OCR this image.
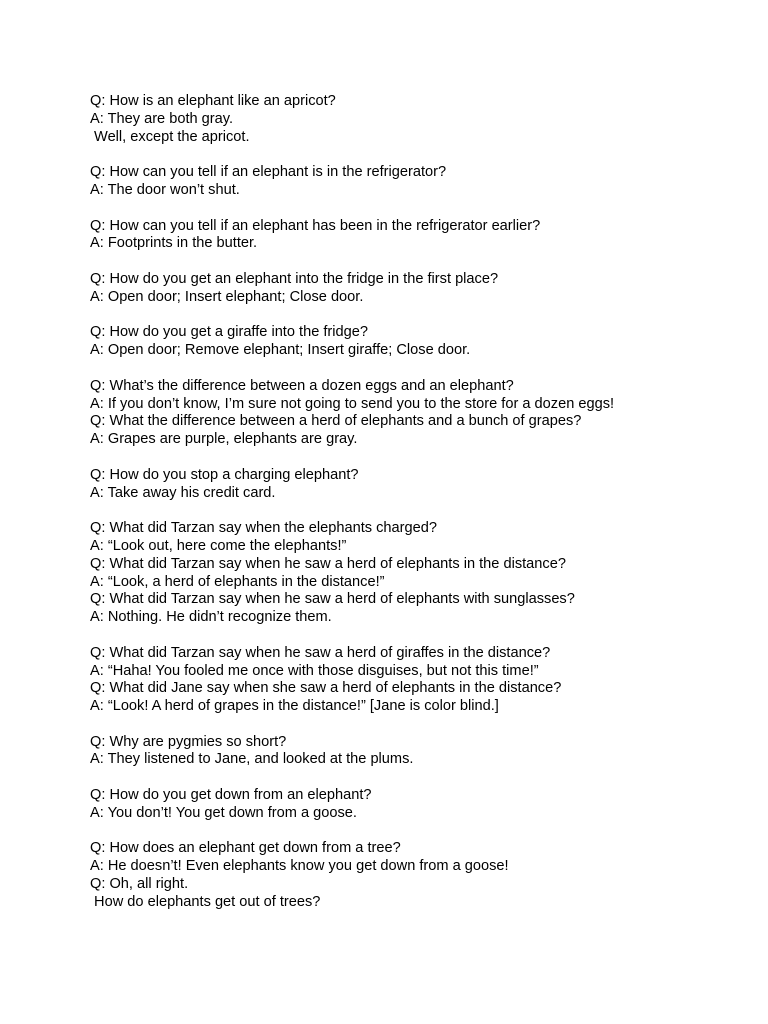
Q: How is an elephant like an apricot?
A: They are both gray.
Well, except the apricot.
Q: How can you tell if an elephant is in the refrigerator?
A: The door won’t shut.
Q: How can you tell if an elephant has been in the refrigerator earlier?
A: Footprints in the butter.
Q: How do you get an elephant into the fridge in the first place?
A: Open door; Insert elephant; Close door.
Q: How do you get a giraffe into the fridge?
A: Open door; Remove elephant; Insert giraffe; Close door.
Q: What’s the difference between a dozen eggs and an elephant?
A: If you don’t know, I’m sure not going to send you to the store for a dozen eggs!
Q: What the difference between a herd of elephants and a bunch of grapes?
A: Grapes are purple, elephants are gray.
Q: How do you stop a charging elephant?
A: Take away his credit card.
Q: What did Tarzan say when the elephants charged?
A: “Look out, here come the elephants!”
Q: What did Tarzan say when he saw a herd of elephants in the distance?
A: “Look, a herd of elephants in the distance!”
Q: What did Tarzan say when he saw a herd of elephants with sunglasses?
A: Nothing. He didn’t recognize them.
Q: What did Tarzan say when he saw a herd of giraffes in the distance?
A: “Haha! You fooled me once with those disguises, but not this time!”
Q: What did Jane say when she saw a herd of elephants in the distance?
A: “Look! A herd of grapes in the distance!” [Jane is color blind.]
Q: Why are pygmies so short?
A: They listened to Jane, and looked at the plums.
Q: How do you get down from an elephant?
A: You don’t! You get down from a goose.
Q: How does an elephant get down from a tree?
A: He doesn’t! Even elephants know you get down from a goose!
Q: Oh, all right.
How do elephants get out of trees?
